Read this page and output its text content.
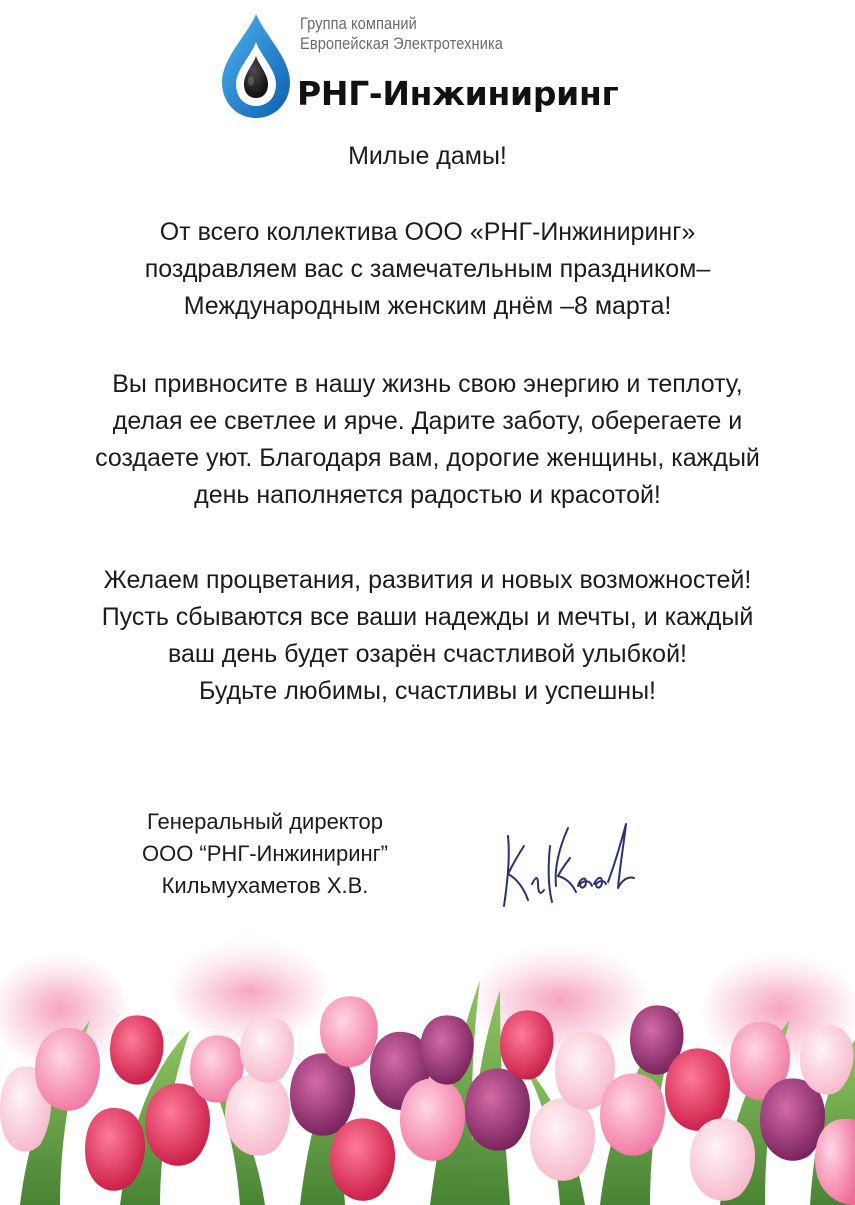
Группа компаний
Европейская Электротехника
РНГ-Инжиниринг
Милые дамы!
От всего коллектива ООО «РНГ-Инжиниринг»
поздравляем вас с замечательным праздником–
Международным женским днём –8 марта!
Вы привносите в нашу жизнь свою энергию и теплоту,
делая ее светлее и ярче. Дарите заботу, оберегаете и
создаете уют. Благодаря вам, дорогие женщины, каждый
день наполняется радостью и красотой!
Желаем процветания, развития и новых возможностей!
Пусть сбываются все ваши надежды и мечты, и каждый
ваш день будет озарён счастливой улыбкой!
Будьте любимы, счастливы и успешны!
Генеральный директор
ООО “РНГ-Инжиниринг”
Кильмухаметов Х.В.
